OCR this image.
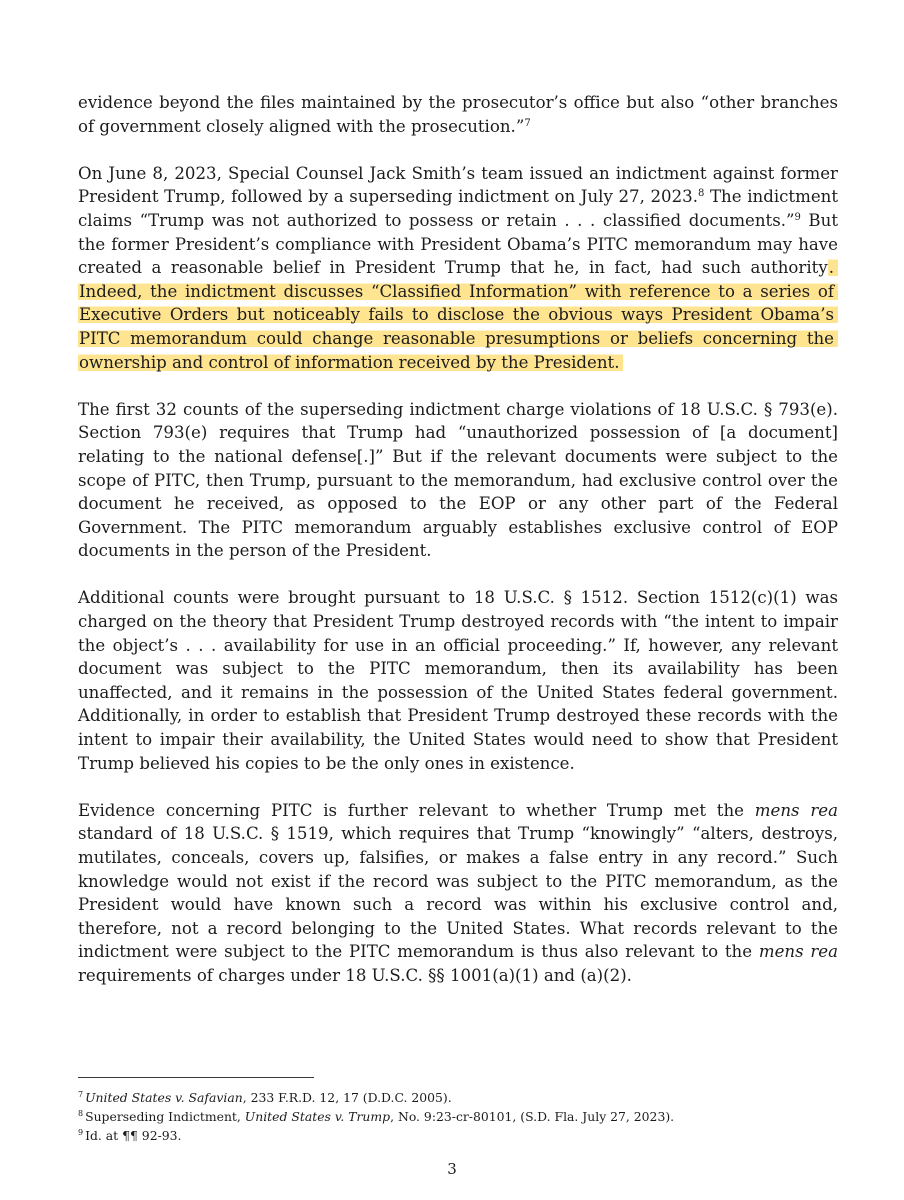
evidence beyond the files maintained by the prosecutor’s office but also “other branches of government closely aligned with the prosecution.”$^7$

On June 8, 2023, Special Counsel Jack Smith’s team issued an indictment against former President Trump, followed by a superseding indictment on July 27, 2023.$^8$ The indictment claims “Trump was not authorized to possess or retain . . . classified documents.”$^9$ But the former President’s compliance with President Obama’s PITC memorandum may have created a reasonable belief in President Trump that he, in fact, had such authority. Indeed, the indictment discusses “Classified Information” with reference to a series of Executive Orders but noticeably fails to disclose the obvious ways President Obama’s PITC memorandum could change reasonable presumptions or beliefs concerning the ownership and control of information received by the President.

The first 32 counts of the superseding indictment charge violations of 18 U.S.C. § 793(e). Section 793(e) requires that Trump had “unauthorized possession of [a document] relating to the national defense[.]” But if the relevant documents were subject to the scope of PITC, then Trump, pursuant to the memorandum, had exclusive control over the document he received, as opposed to the EOP or any other part of the Federal Government. The PITC memorandum arguably establishes exclusive control of EOP documents in the person of the President.

Additional counts were brought pursuant to 18 U.S.C. § 1512. Section 1512(c)(1) was charged on the theory that President Trump destroyed records with “the intent to impair the object’s . . . availability for use in an official proceeding.” If, however, any relevant document was subject to the PITC memorandum, then its availability has been unaffected, and it remains in the possession of the United States federal government. Additionally, in order to establish that President Trump destroyed these records with the intent to impair their availability, the United States would need to show that President Trump believed his copies to be the only ones in existence.

Evidence concerning PITC is further relevant to whether Trump met the mens rea standard of 18 U.S.C. § 1519, which requires that Trump “knowingly” “alters, destroys, mutilates, conceals, covers up, falsifies, or makes a false entry in any record.” Such knowledge would not exist if the record was subject to the PITC memorandum, as the President would have known such a record was within his exclusive control and, therefore, not a record belonging to the United States. What records relevant to the indictment were subject to the PITC memorandum is thus also relevant to the mens rea requirements of charges under 18 U.S.C. §§ 1001(a)(1) and (a)(2).

$^7$ United States v. Safavian, 233 F.R.D. 12, 17 (D.D.C. 2005).

$^8$ Superseding Indictment, United States v. Trump, No. 9:23-cr-80101, (S.D. Fla. July 27, 2023).

$^9$ Id. at ¶¶ 92-93.

3
